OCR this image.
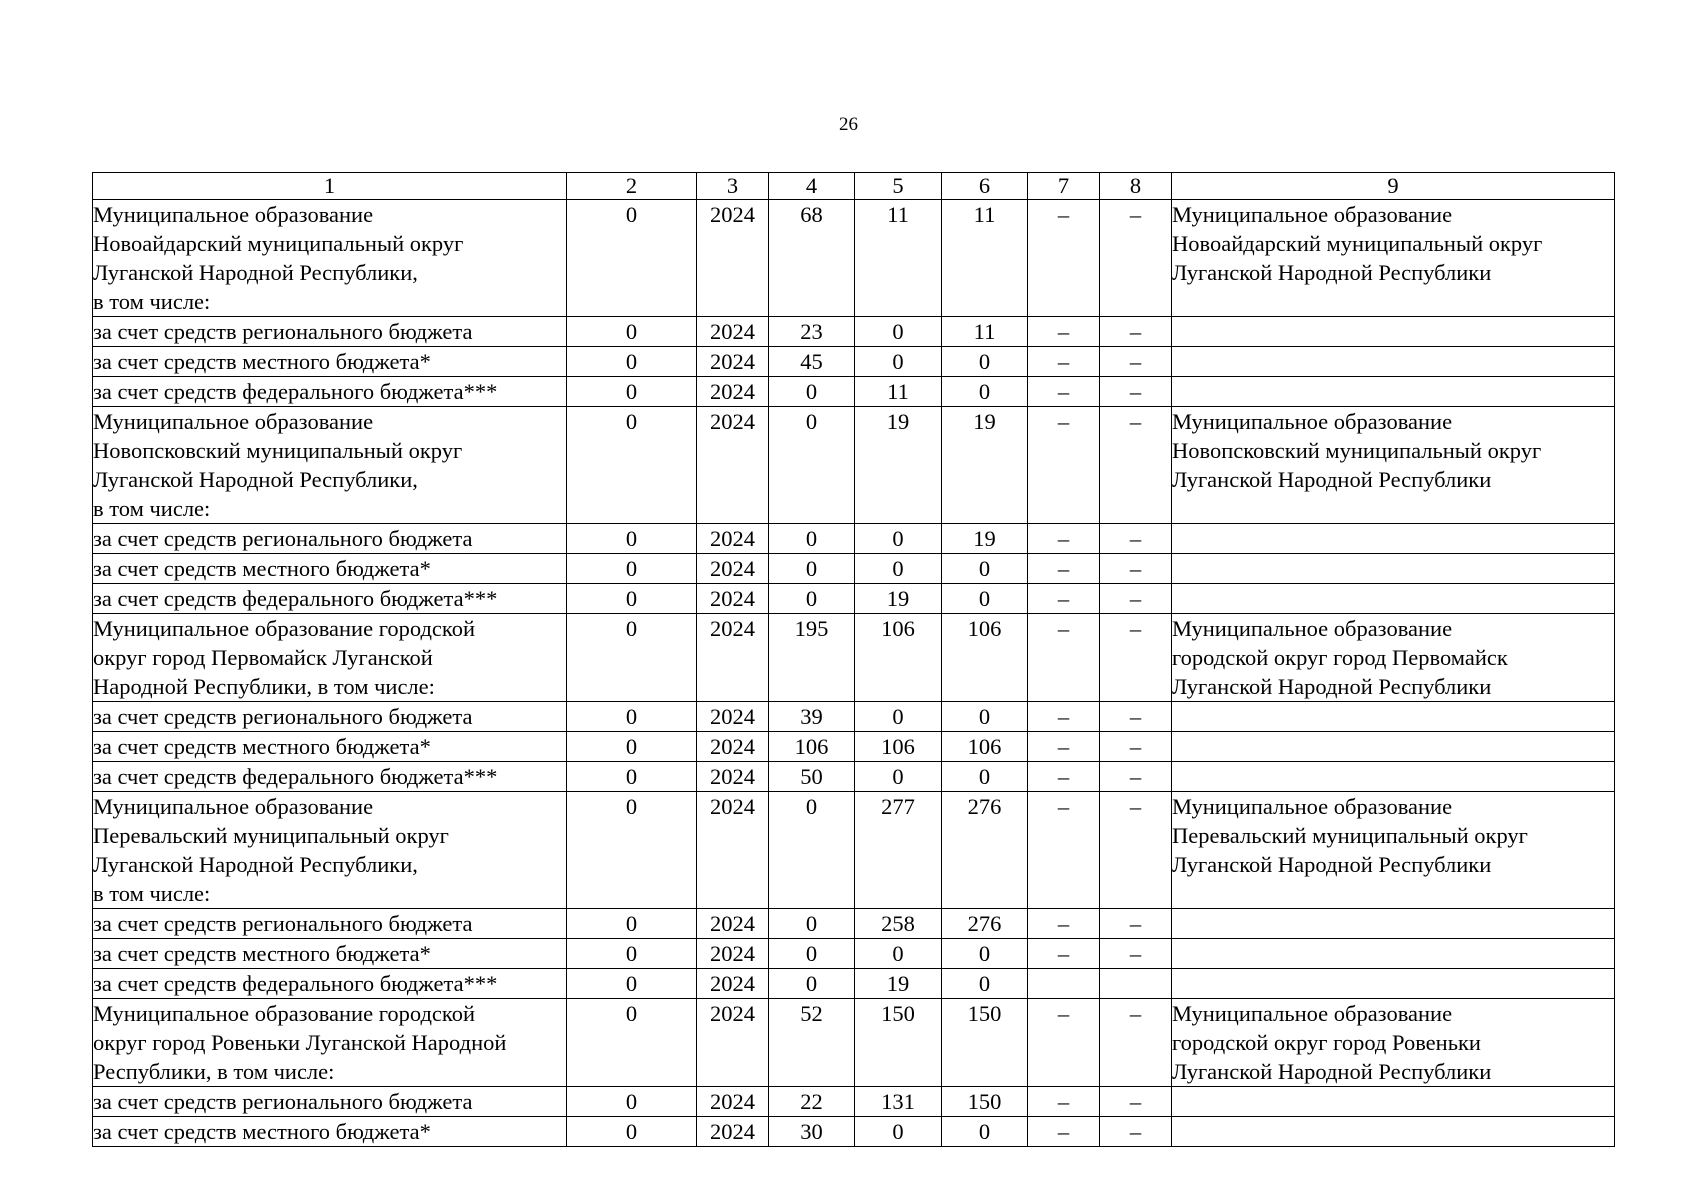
26
1	2	3	4	5	6	7	8	9
Муниципальное образование
Новоайдарский муниципальный округ
Луганской Народной Республики,
в том числе:	0	2024	68	11	11	–	–	Муниципальное образование
Новоайдарский муниципальный округ
Луганской Народной Республики
за счет средств регионального бюджета	0	2024	23	0	11	–	–	
за счет средств местного бюджета*	0	2024	45	0	0	–	–	
за счет средств федерального бюджета***	0	2024	0	11	0	–	–	
Муниципальное образование
Новопсковский муниципальный округ
Луганской Народной Республики,
в том числе:	0	2024	0	19	19	–	–	Муниципальное образование
Новопсковский муниципальный округ
Луганской Народной Республики
за счет средств регионального бюджета	0	2024	0	0	19	–	–	
за счет средств местного бюджета*	0	2024	0	0	0	–	–	
за счет средств федерального бюджета***	0	2024	0	19	0	–	–	
Муниципальное образование городской
округ город Первомайск Луганской
Народной Республики, в том числе:	0	2024	195	106	106	–	–	Муниципальное образование
городской округ город Первомайск
Луганской Народной Республики
за счет средств регионального бюджета	0	2024	39	0	0	–	–	
за счет средств местного бюджета*	0	2024	106	106	106	–	–	
за счет средств федерального бюджета***	0	2024	50	0	0	–	–	
Муниципальное образование
Перевальский муниципальный округ
Луганской Народной Республики,
в том числе:	0	2024	0	277	276	–	–	Муниципальное образование
Перевальский муниципальный округ
Луганской Народной Республики
за счет средств регионального бюджета	0	2024	0	258	276	–	–	
за счет средств местного бюджета*	0	2024	0	0	0	–	–	
за счет средств федерального бюджета***	0	2024	0	19	0			
Муниципальное образование городской
округ город Ровеньки Луганской Народной
Республики, в том числе:	0	2024	52	150	150	–	–	Муниципальное образование
городской округ город Ровеньки
Луганской Народной Республики
за счет средств регионального бюджета	0	2024	22	131	150	–	–	
за счет средств местного бюджета*	0	2024	30	0	0	–	–	
